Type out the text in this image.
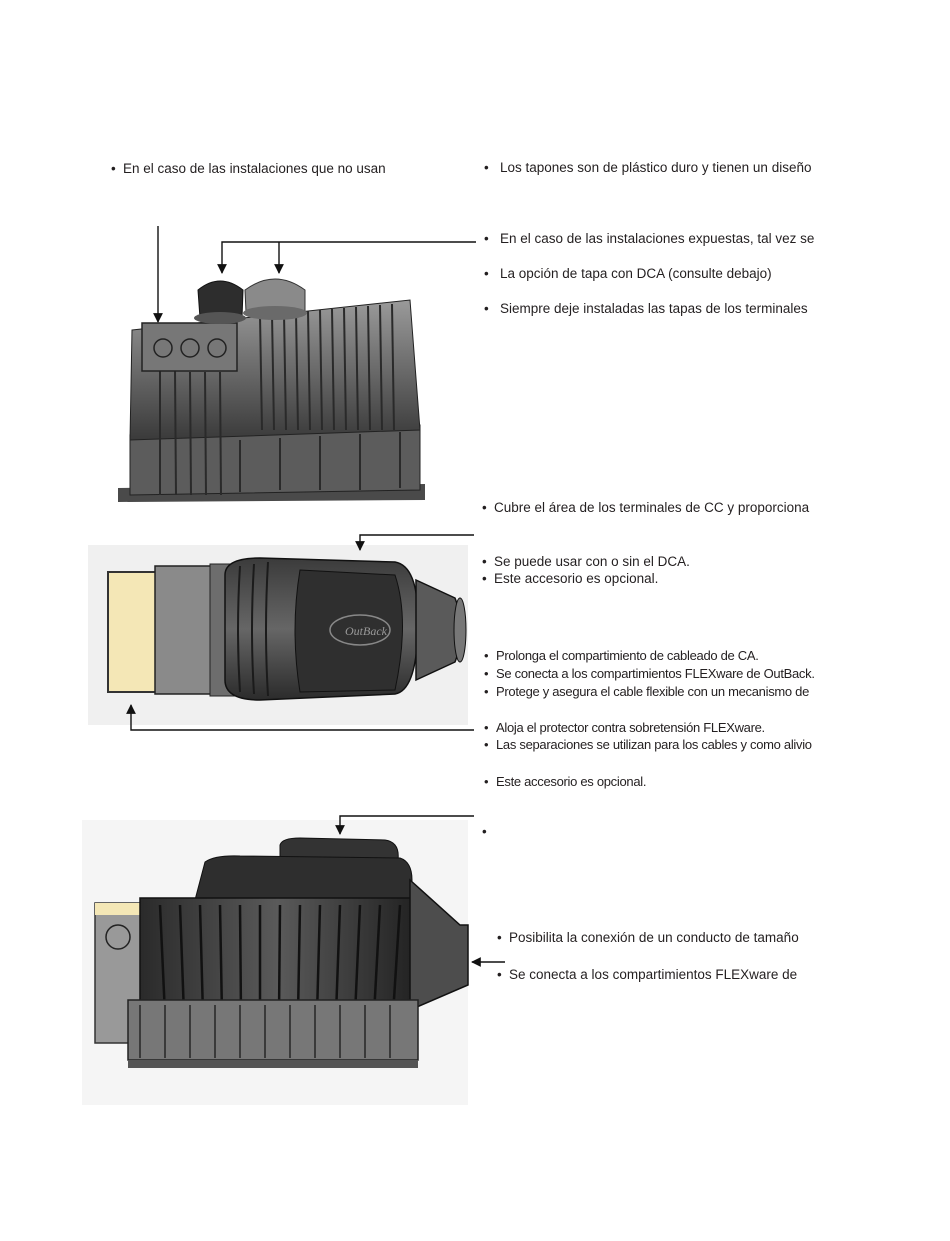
• En el caso de las instalaciones que no usan	• Los tapones son de plástico duro y tienen un diseño
• En el caso de las instalaciones expuestas, tal vez se
• La opción de tapa con DCA (consulte debajo)
• Siempre deje instaladas las tapas de los terminales
• Cubre el área de los terminales de CC y proporciona
• Se puede usar con o sin el DCA.
• Este accesorio es opcional.
• Prolonga el compartimiento de cableado de CA.
• Se conecta a los compartimientos FLEXware de OutBack.
• Protege y asegura el cable flexible con un mecanismo de
• Aloja el protector contra sobretensión FLEXware.
• Las separaciones se utilizan para los cables y como alivio
• Este accesorio es opcional.
•
• Posibilita la conexión de un conducto de tamaño
• Se conecta a los compartimientos FLEXware de
OutBack
